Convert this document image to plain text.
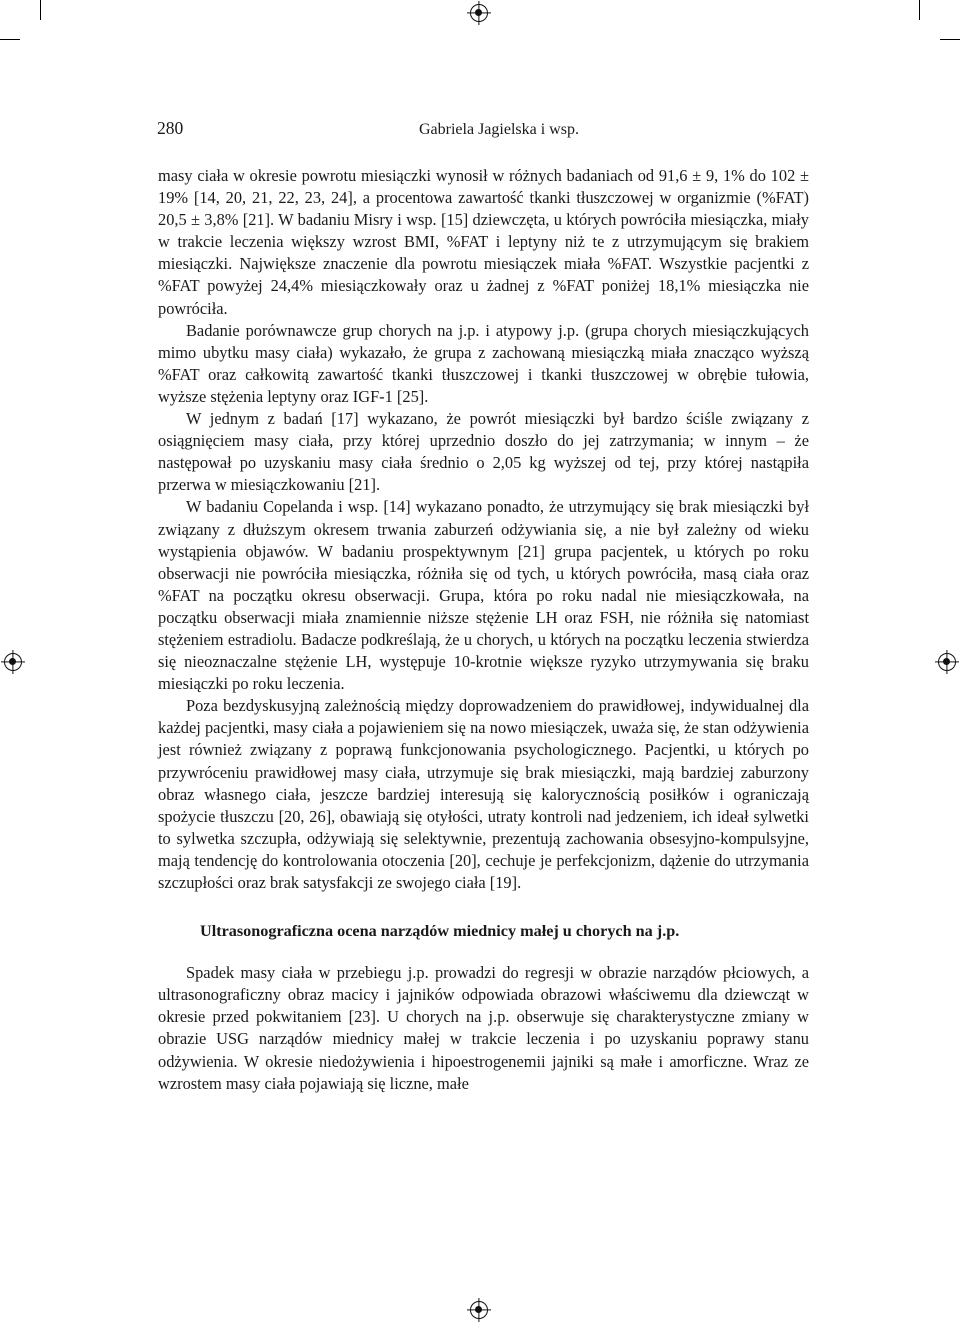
280	Gabriela Jagielska i wsp.

masy ciała w okresie powrotu miesiączki wynosił w różnych badaniach od 91,6 ± 9, 1% do 102 ± 19% [14, 20, 21, 22, 23, 24], a procentowa zawartość tkanki tłuszczowej w organizmie (%FAT) 20,5 ± 3,8% [21]. W badaniu Misry i wsp. [15] dziewczęta, u których powróciła miesiączka, miały w trakcie leczenia większy wzrost BMI, %FAT i leptyny niż te z utrzymującym się brakiem miesiączki. Największe znaczenie dla powrotu miesiączek miała %FAT. Wszystkie pacjentki z %FAT powyżej 24,4% miesiączkowały oraz u żadnej z %FAT poniżej 18,1% miesiączka nie powróciła.

Badanie porównawcze grup chorych na j.p. i atypowy j.p. (grupa chorych miesiączkujących mimo ubytku masy ciała) wykazało, że grupa z zachowaną miesiączką miała znacząco wyższą %FAT oraz całkowitą zawartość tkanki tłuszczowej i tkanki tłuszczowej w obrębie tułowia, wyższe stężenia leptyny oraz IGF-1 [25].

W jednym z badań [17] wykazano, że powrót miesiączki był bardzo ściśle związany z osiągnięciem masy ciała, przy której uprzednio doszło do jej zatrzymania; w innym – że następował po uzyskaniu masy ciała średnio o 2,05 kg wyższej od tej, przy której nastąpiła przerwa w miesiączkowaniu [21].

W badaniu Copelanda i wsp. [14] wykazano ponadto, że utrzymujący się brak miesiączki był związany z dłuższym okresem trwania zaburzeń odżywiania się, a nie był zależny od wieku wystąpienia objawów. W badaniu prospektywnym [21] grupa pacjentek, u których po roku obserwacji nie powróciła miesiączka, różniła się od tych, u których powróciła, masą ciała oraz %FAT na początku okresu obserwacji. Grupa, która po roku nadal nie miesiączkowała, na początku obserwacji miała znamiennie niższe stężenie LH oraz FSH, nie różniła się natomiast stężeniem estradiolu. Badacze podkreślają, że u chorych, u których na początku leczenia stwierdza się nieoznaczalne stężenie LH, występuje 10-krotnie większe ryzyko utrzymywania się braku miesiączki po roku leczenia.

Poza bezdyskusyjną zależnością między doprowadzeniem do prawidłowej, indywidualnej dla każdej pacjentki, masy ciała a pojawieniem się na nowo miesiączek, uważa się, że stan odżywienia jest również związany z poprawą funkcjonowania psychologicznego. Pacjentki, u których po przywróceniu prawidłowej masy ciała, utrzymuje się brak miesiączki, mają bardziej zaburzony obraz własnego ciała, jeszcze bardziej interesują się kalorycznością posiłków i ograniczają spożycie tłuszczu [20, 26], obawiają się otyłości, utraty kontroli nad jedzeniem, ich ideał sylwetki to sylwetka szczupła, odżywiają się selektywnie, prezentują zachowania obsesyjno-kompulsyjne, mają tendencję do kontrolowania otoczenia [20], cechuje je perfekcjonizm, dążenie do utrzymania szczupłości oraz brak satysfakcji ze swojego ciała [19].

Ultrasonograficzna ocena narządów miednicy małej u chorych na j.p.

Spadek masy ciała w przebiegu j.p. prowadzi do regresji w obrazie narządów płciowych, a ultrasonograficzny obraz macicy i jajników odpowiada obrazowi właściwemu dla dziewcząt w okresie przed pokwitaniem [23]. U chorych na j.p. obserwuje się charakterystyczne zmiany w obrazie USG narządów miednicy małej w trakcie leczenia i po uzyskaniu poprawy stanu odżywienia. W okresie niedożywienia i hipoestrogenemii jajniki są małe i amorficzne. Wraz ze wzrostem masy ciała pojawiają się liczne, małe
